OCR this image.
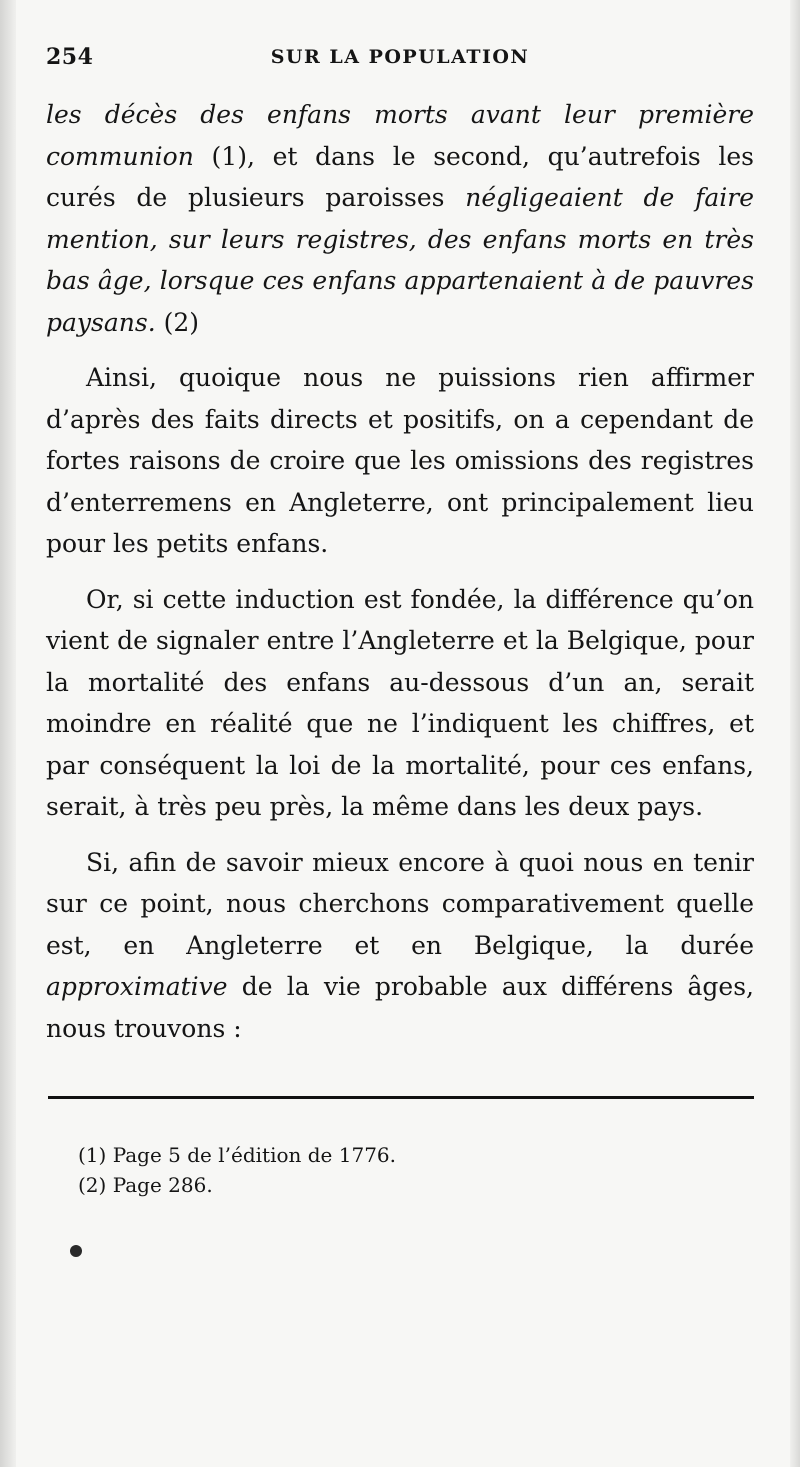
254	SUR LA POPULATION

les décès des enfans morts avant leur première communion (1), et dans le second, qu’autrefois les curés de plusieurs paroisses négligeaient de faire mention, sur leurs registres, des enfans morts en très bas âge, lorsque ces enfans appartenaient à de pauvres paysans. (2)

Ainsi, quoique nous ne puissions rien affirmer d’après des faits directs et positifs, on a cependant de fortes raisons de croire que les omissions des registres d’enterremens en Angleterre, ont principalement lieu pour les petits enfans.

Or, si cette induction est fondée, la différence qu’on vient de signaler entre l’Angleterre et la Belgique, pour la mortalité des enfans au-dessous d’un an, serait moindre en réalité que ne l’indiquent les chiffres, et par conséquent la loi de la mortalité, pour ces enfans, serait, à très peu près, la même dans les deux pays.

Si, afin de savoir mieux encore à quoi nous en tenir sur ce point, nous cherchons comparativement quelle est, en Angleterre et en Belgique, la durée approximative de la vie probable aux différens âges, nous trouvons :

(1) Page 5 de l’édition de 1776.
(2) Page 286.
